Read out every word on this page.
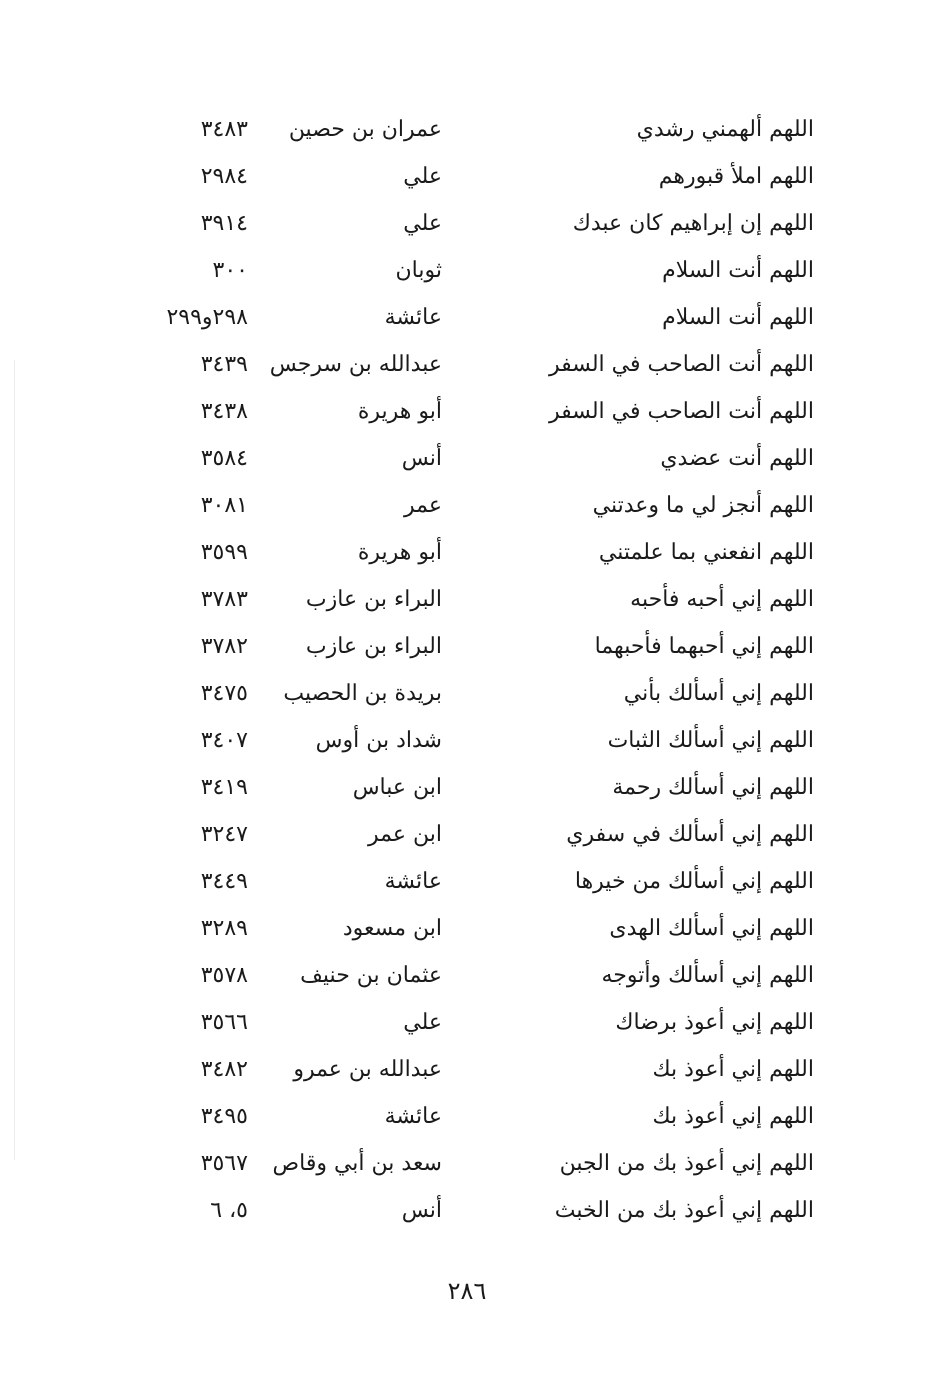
اللهم ألهمني رشدي
عمران بن حصين
٣٤٨٣
اللهم املأ قبورهم
علي
٢٩٨٤
اللهم إن إبراهيم كان عبدك
علي
٣٩١٤
اللهم أنت السلام
ثوبان
٣٠٠
اللهم أنت السلام
عائشة
٢٩٨و٢٩٩
اللهم أنت الصاحب في السفر
عبدالله بن سرجس
٣٤٣٩
اللهم أنت الصاحب في السفر
أبو هريرة
٣٤٣٨
اللهم أنت عضدي
أنس
٣٥٨٤
اللهم أنجز لي ما وعدتني
عمر
٣٠٨١
اللهم انفعني بما علمتني
أبو هريرة
٣٥٩٩
اللهم إني أحبه فأحبه
البراء بن عازب
٣٧٨٣
اللهم إني أحبهما فأحبهما
البراء بن عازب
٣٧٨٢
اللهم إني أسألك بأني
بريدة بن الحصيب
٣٤٧٥
اللهم إني أسألك الثبات
شداد بن أوس
٣٤٠٧
اللهم إني أسألك رحمة
ابن عباس
٣٤١٩
اللهم إني أسألك في سفري
ابن عمر
٣٢٤٧
اللهم إني أسألك من خيرها
عائشة
٣٤٤٩
اللهم إني أسألك الهدى
ابن مسعود
٣٢٨٩
اللهم إني أسألك وأتوجه
عثمان بن حنيف
٣٥٧٨
اللهم إني أعوذ برضاك
علي
٣٥٦٦
اللهم إني أعوذ بك
عبدالله بن عمرو
٣٤٨٢
اللهم إني أعوذ بك
عائشة
٣٤٩٥
اللهم إني أعوذ بك من الجبن
سعد بن أبي وقاص
٣٥٦٧
اللهم إني أعوذ بك من الخبث
أنس
٥، ٦
٢٨٦
